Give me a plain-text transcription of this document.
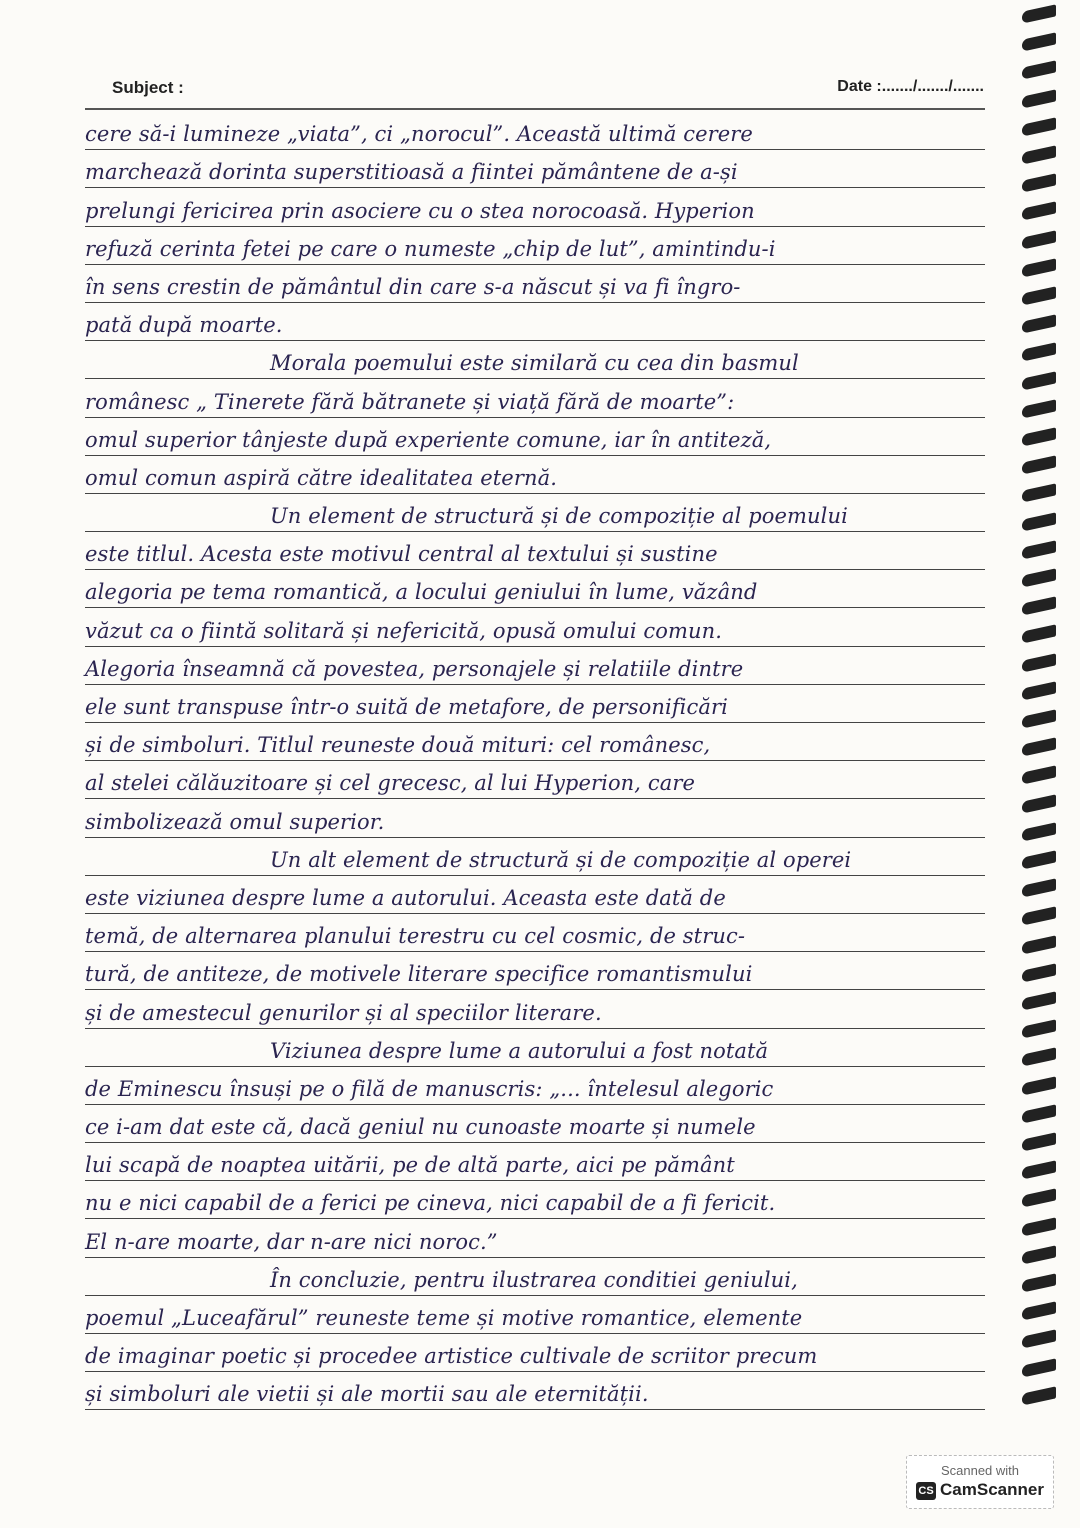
Subject :	Date :......./......./.......
cere să-i lumineze „viata”, ci „norocul”. Această ultimă cerere
marchează dorinta superstitioasă a fiintei pământene de a-și
prelungi fericirea prin asociere cu o stea norocoasă. Hyperion
refuză cerinta fetei pe care o numeste „chip de lut”, amintindu-i
în sens crestin de pământul din care s-a născut și va fi îngro-
pată după moarte.
Morala poemului este similară cu cea din basmul
românesc „ Tinerete fără bătranete și viață fără de moarte”:
omul superior tânjeste după experiente comune, iar în antiteză,
omul comun aspiră către idealitatea eternă.
Un element de structură și de compoziție al poemului
este titlul. Acesta este motivul central al textului și sustine
alegoria pe tema romantică, a locului geniului în lume, văzând
văzut ca o fiintă solitară și nefericită, opusă omului comun.
Alegoria înseamnă că povestea, personajele și relatiile dintre
ele sunt transpuse într-o suită de metafore, de personificări
și de simboluri. Titlul reuneste două mituri: cel românesc,
al stelei călăuzitoare și cel grecesc, al lui Hyperion, care
simbolizează omul superior.
Un alt element de structură și de compoziție al operei
este viziunea despre lume a autorului. Aceasta este dată de
temă, de alternarea planului terestru cu cel cosmic, de struc-
tură, de antiteze, de motivele literare specifice romantismului
și de amestecul genurilor și al speciilor literare.
Viziunea despre lume a autorului a fost notată
de Eminescu însuși pe o filă de manuscris: „... întelesul alegoric
ce i-am dat este că, dacă geniul nu cunoaste moarte și numele
lui scapă de noaptea uitării, pe de altă parte, aici pe pământ
nu e nici capabil de a ferici pe cineva, nici capabil de a fi fericit.
El n-are moarte, dar n-are nici noroc.”
În concluzie, pentru ilustrarea conditiei geniului,
poemul „Luceafărul” reuneste teme și motive romantice, elemente
de imaginar poetic și procedee artistice cultivale de scriitor precum
și simboluri ale vietii și ale mortii sau ale eternității.
Scanned with
CS CamScanner
